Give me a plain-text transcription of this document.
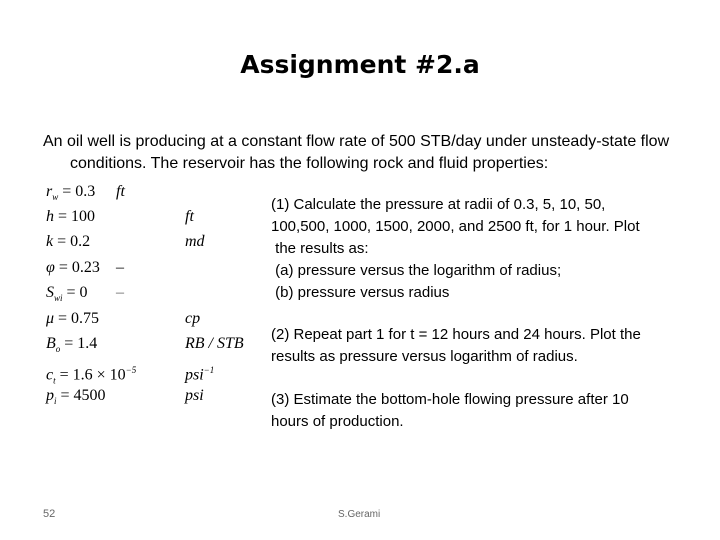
Assignment #2.a
An oil well is producing at a constant flow rate of 500 STB/day under unsteady-state flow
conditions. The reservoir has the following rock and fluid properties:
$r_w = 0.3$ ft
h = 100	ft
k = 0.2	md
φ = 0.23 –
$S_{wi} = 0$ –
μ = 0.75	cp
$B_o = 1.4$	RB / STB
$c_t = 1.6 \times 10^{-5}$	psi$^{-1}$
$p_i = 4500$	psi
(1) Calculate the pressure at radii of 0.3, 5, 10, 50,
100,500, 1000, 1500, 2000, and 2500 ft, for 1 hour. Plot
the results as:
(a) pressure versus the logarithm of radius;
(b) pressure versus radius
(2) Repeat part 1 for t = 12 hours and 24 hours. Plot the
results as pressure versus logarithm of radius.
(3) Estimate the bottom-hole flowing pressure after 10
hours of production.
52	S.Gerami
